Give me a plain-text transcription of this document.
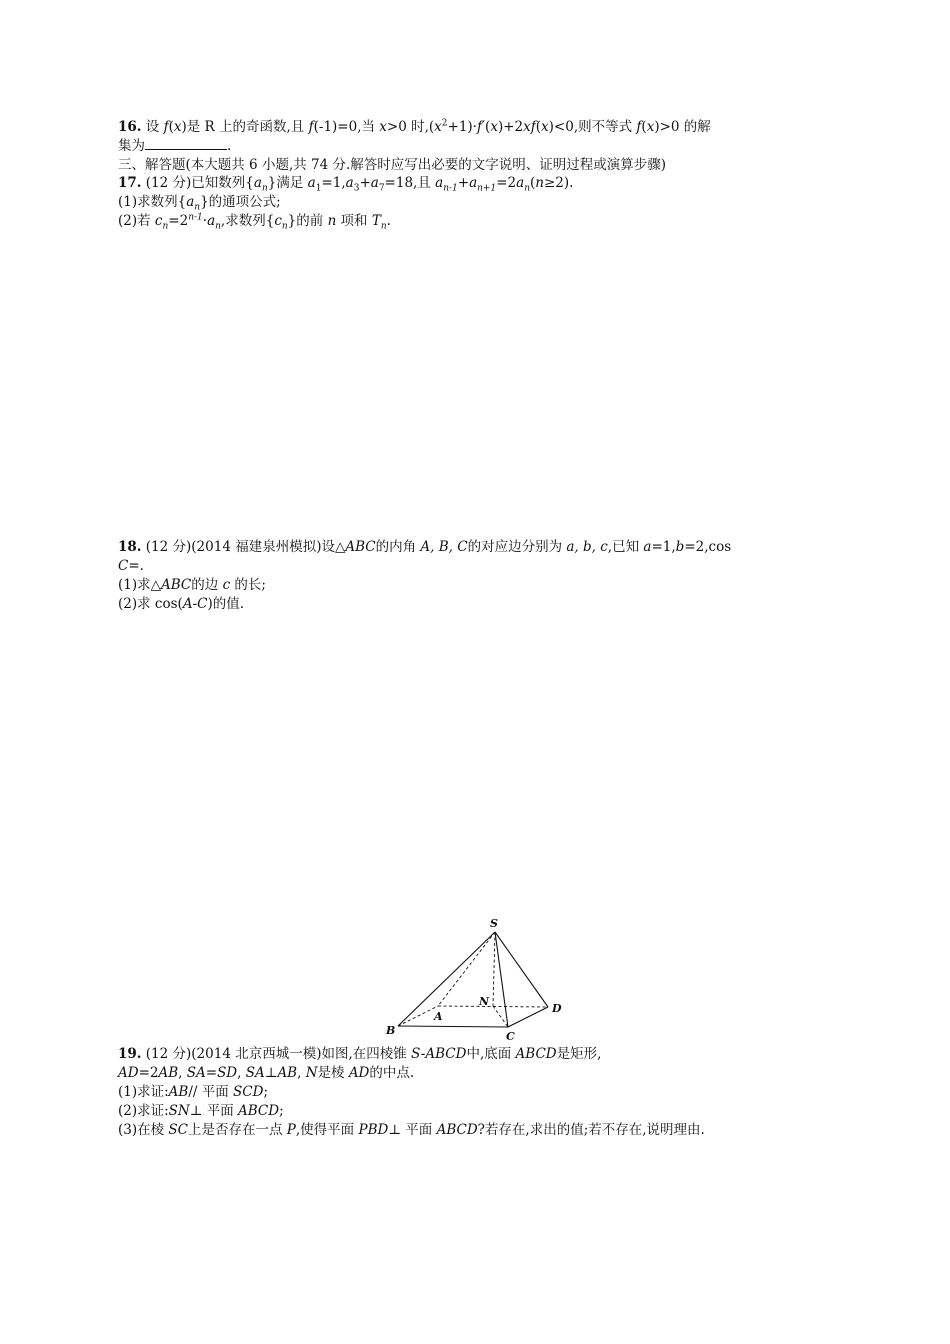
16. 设 f(x)是 R 上的奇函数,且 f(-1)=0,当 x>0 时$,(x^2+1)\cdot f'(x)+2xf(x)<0$,则不等式 f(x)>0 的解
集为	.
三、解答题(本大题共 6 小题,共 74 分.解答时应写出必要的文字说明、证明过程或演算步骤)
17. (12 分)已知数列$\{a_n\}$满足 $a_1=1,a_3+a_7=18$,且 $a_{n-1}+a_{n+1}=2a_n(n\ge 2)$.
(1)求数列$\{a_n\}$的通项公式;
(2)若 $c_n=2^{n-1}\cdot a_n$,求数列$\{c_n\}$的前 n 项和 $T_n$.
18. (12 分)(2014 福建泉州模拟)设△ABC的内角 A, B, C的对应边分别为 a, b, c,已知 a=1,b=2,cos
C=.
(1)求△ABC的边 c 的长;
(2)求 cos(A-C)的值.
S
N
A
B	C
D
19. (12 分)(2014 北京西城一模)如图,在四棱锥 S-ABCD中,底面 ABCD是矩形,
AD=2AB, SA=SD, SA⊥AB, N是棱 AD的中点.
(1)求证:AB// 平面 SCD;
(2)求证:SN⊥ 平面 ABCD;
(3)在棱 SC上是否存在一点 P,使得平面 PBD⊥ 平面 ABCD?若存在,求出的值;若不存在,说明理由.
